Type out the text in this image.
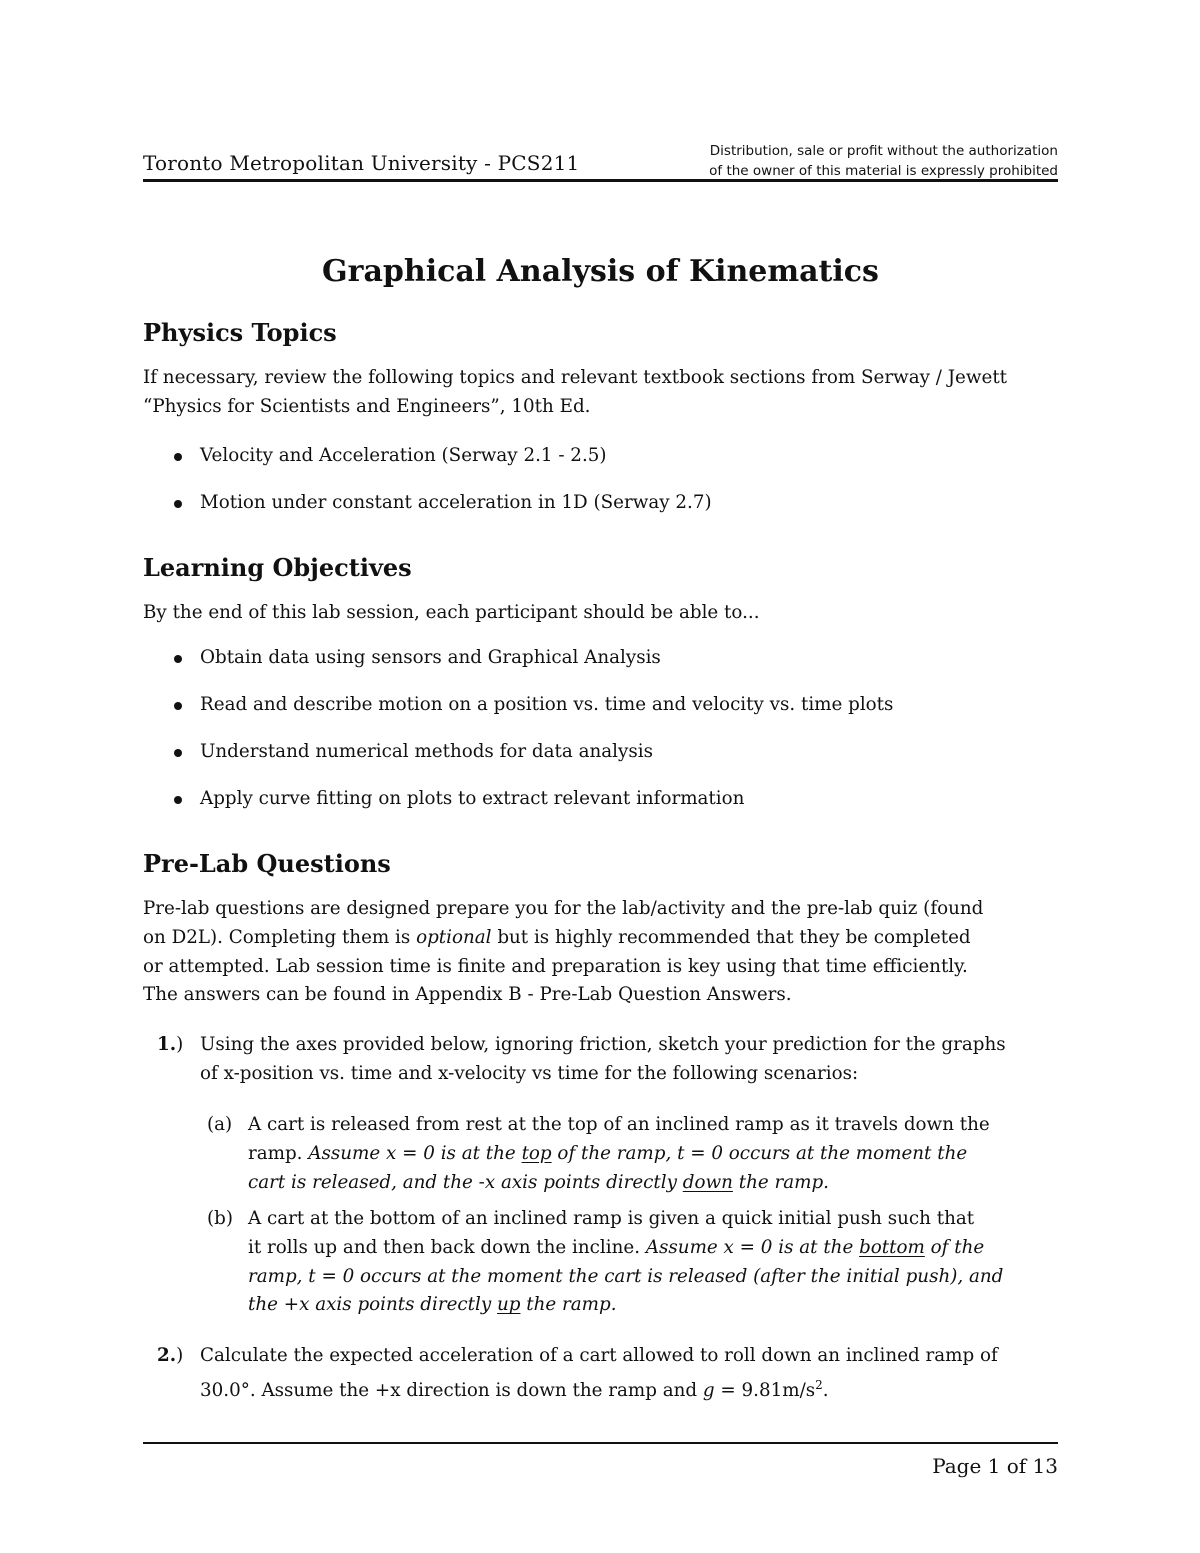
Toronto Metropolitan University - PCS211	Distribution, sale or profit without the authorization
of the owner of this material is expressly prohibited
Graphical Analysis of Kinematics
Physics Topics
If necessary, review the following topics and relevant textbook sections from Serway / Jewett
“Physics for Scientists and Engineers”, 10th Ed.
Velocity and Acceleration (Serway 2.1 - 2.5)
Motion under constant acceleration in 1D (Serway 2.7)
Learning Objectives
By the end of this lab session, each participant should be able to...
Obtain data using sensors and Graphical Analysis
Read and describe motion on a position vs. time and velocity vs. time plots
Understand numerical methods for data analysis
Apply curve fitting on plots to extract relevant information
Pre-Lab Questions
Pre-lab questions are designed prepare you for the lab/activity and the pre-lab quiz (found
on D2L). Completing them is optional but is highly recommended that they be completed
or attempted. Lab session time is finite and preparation is key using that time efficiently.
The answers can be found in Appendix B - Pre-Lab Question Answers.
1.) Using the axes provided below, ignoring friction, sketch your prediction for the graphs
of x-position vs. time and x-velocity vs time for the following scenarios:
(a) A cart is released from rest at the top of an inclined ramp as it travels down the
ramp. Assume x = 0 is at the top of the ramp, t = 0 occurs at the moment the
cart is released, and the -x axis points directly down the ramp.
(b) A cart at the bottom of an inclined ramp is given a quick initial push such that
it rolls up and then back down the incline. Assume x = 0 is at the bottom of the
ramp, t = 0 occurs at the moment the cart is released (after the initial push), and
the +x axis points directly up the ramp.
2.) Calculate the expected acceleration of a cart allowed to roll down an inclined ramp of
30.0°. Assume the +x direction is down the ramp and $g = 9.81m/s^2$.
Page 1 of 13
